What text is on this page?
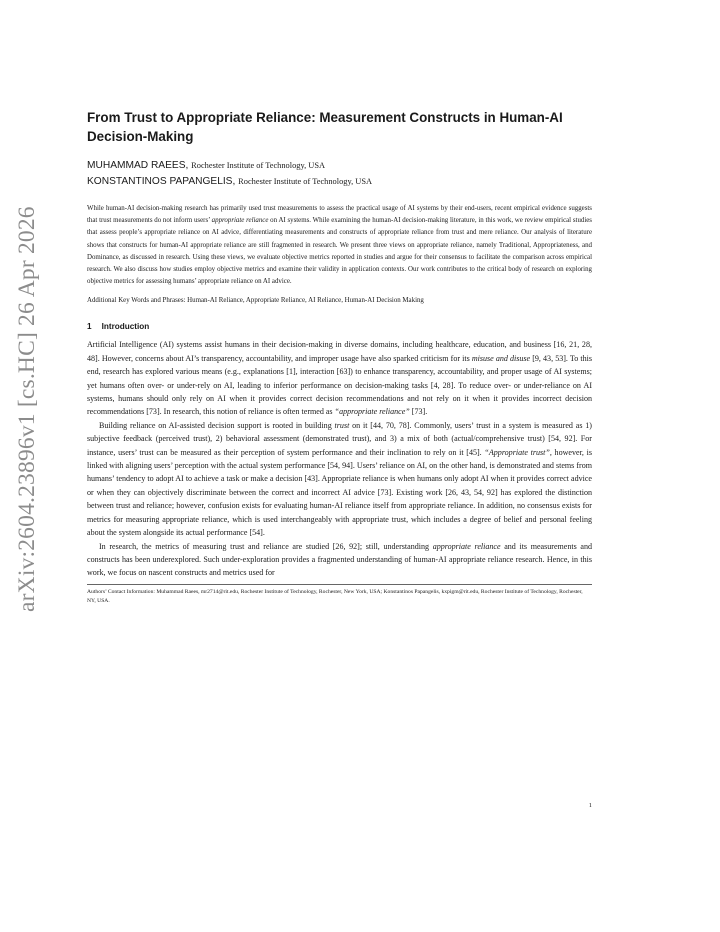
arXiv:2604.23896v1 [cs.HC] 26 Apr 2026
From Trust to Appropriate Reliance: Measurement Constructs in Human-AI Decision-Making
MUHAMMAD RAEES, Rochester Institute of Technology, USA
KONSTANTINOS PAPANGELIS, Rochester Institute of Technology, USA
While human-AI decision-making research has primarily used trust measurements to assess the practical usage of AI systems by their end-users, recent empirical evidence suggests that trust measurements do not inform users’ appropriate reliance on AI systems. While examining the human-AI decision-making literature, in this work, we review empirical studies that assess people’s appropriate reliance on AI advice, differentiating measurements and constructs of appropriate reliance from trust and mere reliance. Our analysis of literature shows that constructs for human-AI appropriate reliance are still fragmented in research. We present three views on appropriate reliance, namely Traditional, Appropriateness, and Dominance, as discussed in research. Using these views, we evaluate objective metrics reported in studies and argue for their consensus to facilitate the comparison across empirical research. We also discuss how studies employ objective metrics and examine their validity in application contexts. Our work contributes to the critical body of research on exploring objective metrics for assessing humans’ appropriate reliance on AI advice.
Additional Key Words and Phrases: Human-AI Reliance, Appropriate Reliance, AI Reliance, Human-AI Decision Making
1 Introduction

Artificial Intelligence (AI) systems assist humans in their decision-making in diverse domains, including healthcare, education, and business [16, 21, 28, 48]. However, concerns about AI’s transparency, accountability, and improper usage have also sparked criticism for its misuse and disuse [9, 43, 53]. To this end, research has explored various means (e.g., explanations [1], interaction [63]) to enhance transparency, accountability, and proper usage of AI systems; yet humans often over- or under-rely on AI, leading to inferior performance on decision-making tasks [4, 28]. To reduce over- or under-reliance on AI systems, humans should only rely on AI when it provides correct decision recommendations and not rely on it when it provides incorrect decision recommendations [73]. In research, this notion of reliance is often termed as “appropriate reliance” [73].

Building reliance on AI-assisted decision support is rooted in building trust on it [44, 70, 78]. Commonly, users’ trust in a system is measured as 1) subjective feedback (perceived trust), 2) behavioral assessment (demonstrated trust), and 3) a mix of both (actual/comprehensive trust) [54, 92]. For instance, users’ trust can be measured as their perception of system performance and their inclination to rely on it [45]. “Appropriate trust”, however, is linked with aligning users’ perception with the actual system performance [54, 94]. Users’ reliance on AI, on the other hand, is demonstrated and stems from humans’ tendency to adopt AI to achieve a task or make a decision [43]. Appropriate reliance is when humans only adopt AI when it provides correct advice or when they can objectively discriminate between the correct and incorrect AI advice [73]. Existing work [26, 43, 54, 92] has explored the distinction between trust and reliance; however, confusion exists for evaluating human-AI reliance itself from appropriate reliance. In addition, no consensus exists for metrics for measuring appropriate reliance, which is used interchangeably with appropriate trust, which includes a degree of belief and personal feeling about the system alongside its actual performance [54].

In research, the metrics of measuring trust and reliance are studied [26, 92]; still, understanding appropriate reliance and its measurements and constructs has been underexplored. Such under-exploration provides a fragmented understanding of human-AI appropriate reliance research. Hence, in this work, we focus on nascent constructs and metrics used for

Authors’ Contact Information: Muhammad Raees, mr2714@rit.edu, Rochester Institute of Technology, Rochester, New York, USA; Konstantinos Papangelis, kxpigm@rit.edu, Rochester Institute of Technology, Rochester, NY, USA.
1
